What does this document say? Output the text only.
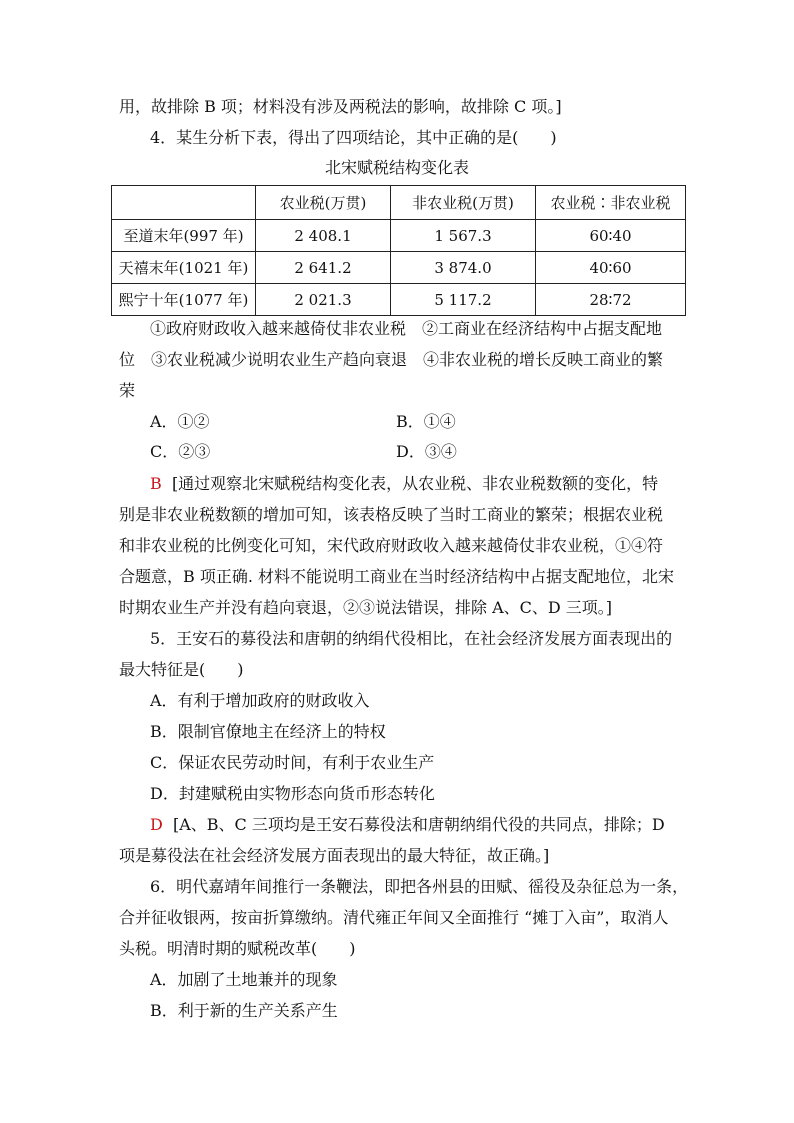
用，故排除 B 项；材料没有涉及两税法的影响，故排除 C 项。]
4．某生分析下表，得出了四项结论，其中正确的是(　　)
北宋赋税结构变化表
	农业税(万贯)	非农业税(万贯)	农业税∶非农业税
至道末年(997 年)	2 408.1	1 567.3	60∶40
天禧末年(1021 年)	2 641.2	3 874.0	40∶60
熙宁十年(1077 年)	2 021.3	5 117.2	28∶72
①政府财政收入越来越倚仗非农业税　②工商业在经济结构中占据支配地
位　③农业税减少说明农业生产趋向衰退　④非农业税的增长反映工商业的繁
荣
A．①②	B．①④
C．②③	D．③④
B [通过观察北宋赋税结构变化表，从农业税、非农业税数额的变化，特
别是非农业税数额的增加可知，该表格反映了当时工商业的繁荣；根据农业税
和非农业税的比例变化可知，宋代政府财政收入越来越倚仗非农业税，①④符
合题意，B 项正确. 材料不能说明工商业在当时经济结构中占据支配地位，北宋
时期农业生产并没有趋向衰退，②③说法错误，排除 A、C、D 三项。]
5．王安石的募役法和唐朝的纳绢代役相比，在社会经济发展方面表现出的
最大特征是(　　)
A．有利于增加政府的财政收入
B．限制官僚地主在经济上的特权
C．保证农民劳动时间，有利于农业生产
D．封建赋税由实物形态向货币形态转化
D [A、B、C 三项均是王安石募役法和唐朝纳绢代役的共同点，排除；D
项是募役法在社会经济发展方面表现出的最大特征，故正确。]
6．明代嘉靖年间推行一条鞭法，即把各州县的田赋、徭役及杂征总为一条，
合并征收银两，按亩折算缴纳。清代雍正年间又全面推行 “摊丁入亩”，取消人
头税。明清时期的赋税改革(　　)
A．加剧了土地兼并的现象
B．利于新的生产关系产生
